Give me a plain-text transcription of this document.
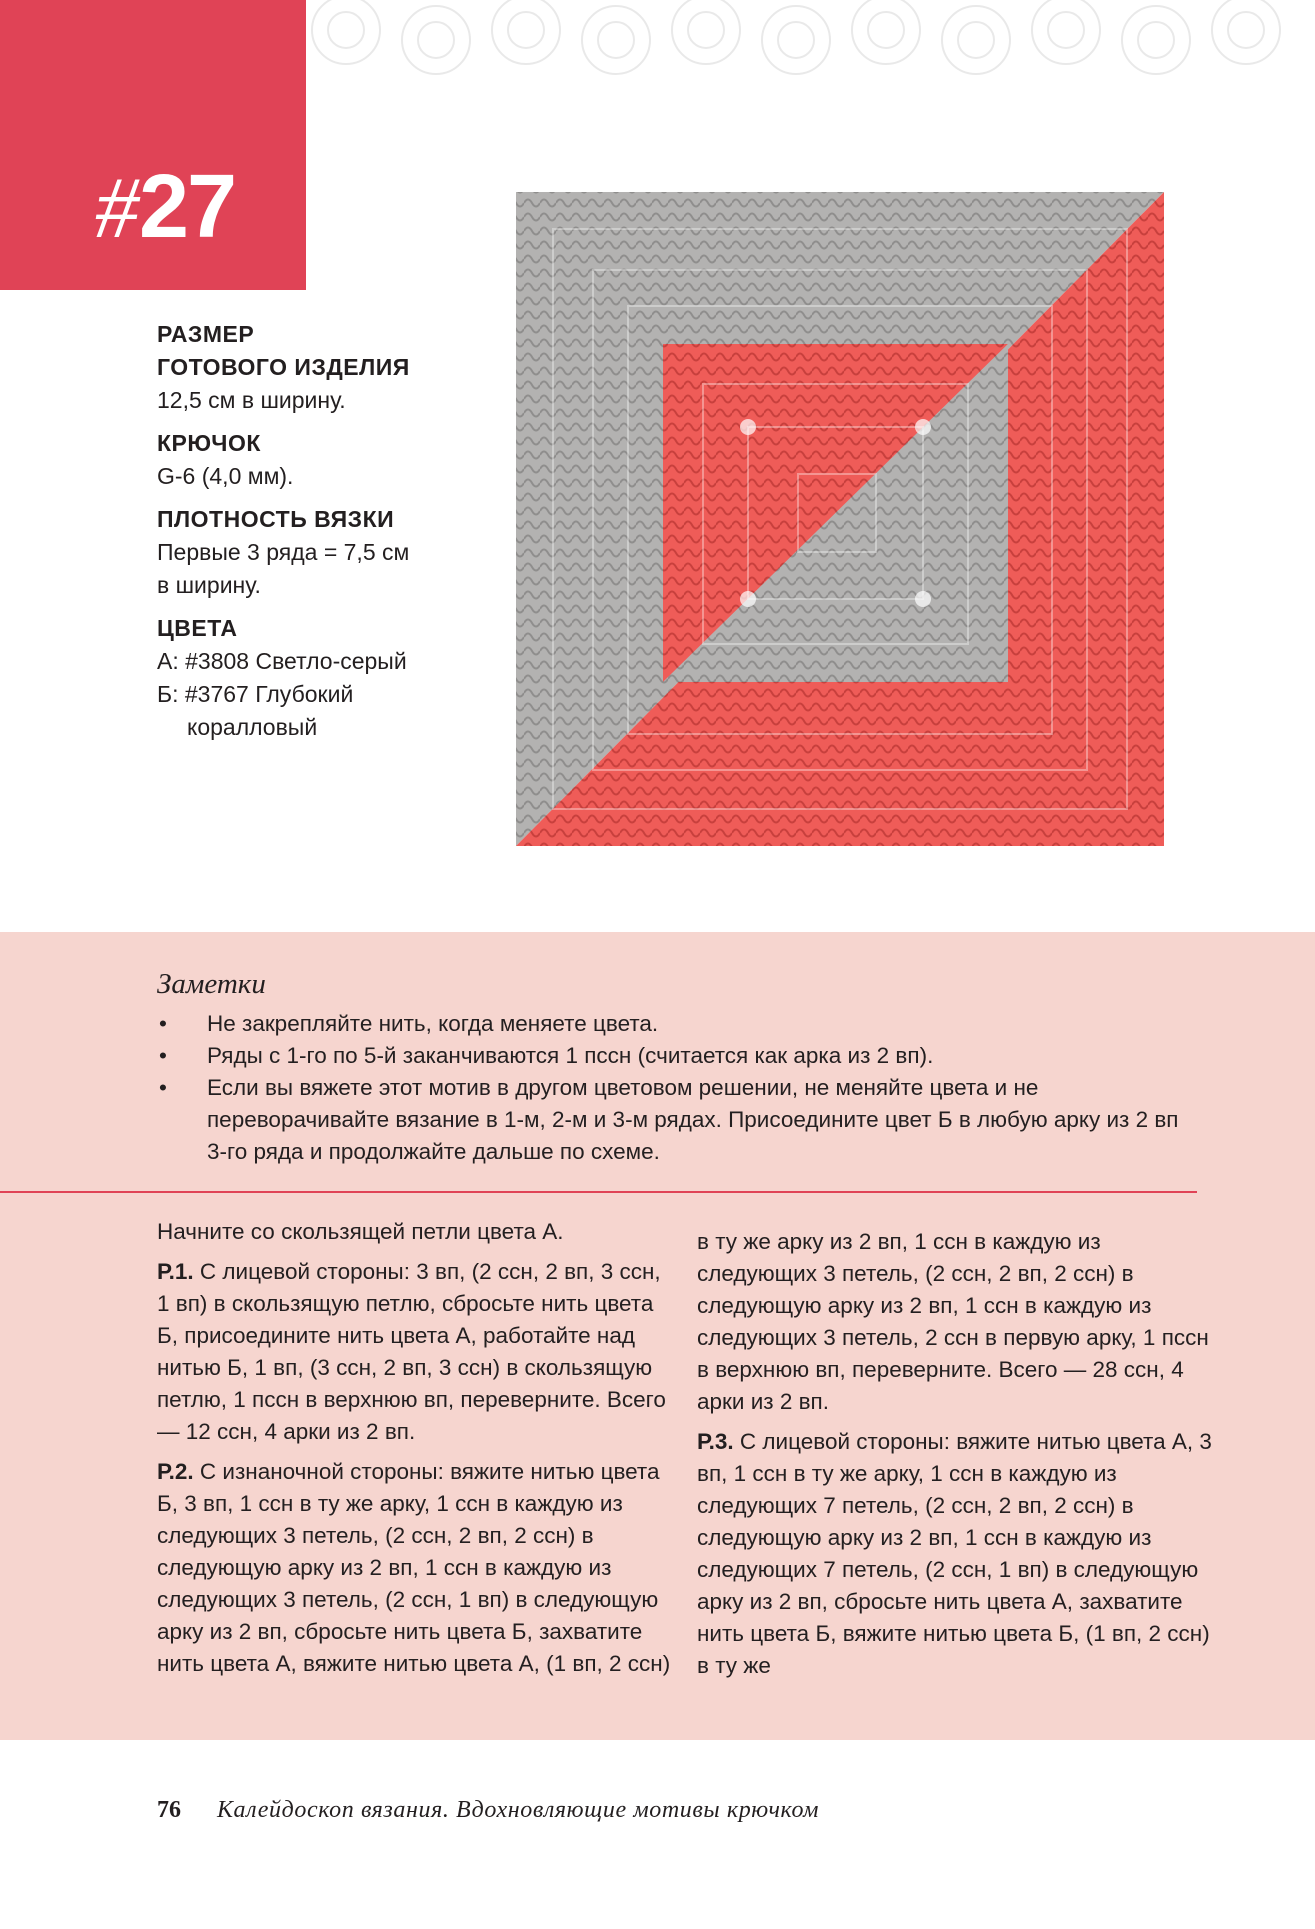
#27
РАЗМЕР
ГОТОВОГО ИЗДЕЛИЯ
12,5 см в ширину.
КРЮЧОК
G-6 (4,0 мм).
ПЛОТНОСТЬ ВЯЗКИ
Первые 3 ряда = 7,5 см
в ширину.
ЦВЕТА
А: #3808 Светло-серый
Б: #3767 Глубокий
коралловый
Заметки
• Не закрепляйте нить, когда меняете цвета.
• Ряды с 1-го по 5-й заканчиваются 1 пссн (считается как арка из 2 вп).
• Если вы вяжете этот мотив в другом цветовом решении, не меняйте цвета и не переворачивайте вязание в 1-м, 2-м и 3-м рядах. Присоедините цвет Б в любую арку из 2 вп 3-го ряда и продолжайте дальше по схеме.

Начните со скользящей петли цвета А.

Р.1. С лицевой стороны: 3 вп, (2 ссн, 2 вп, 3 ссн, 1 вп) в скользящую петлю, сбросьте нить цвета Б, присоедините нить цвета А, работайте над нитью Б, 1 вп, (3 ссн, 2 вп, 3 ссн) в скользящую петлю, 1 пссн в верхнюю вп, переверните. Всего — 12 ссн, 4 арки из 2 вп.

Р.2. С изнаночной стороны: вяжите нитью цвета Б, 3 вп, 1 ссн в ту же арку, 1 ссн в каждую из следующих 3 петель, (2 ссн, 2 вп, 2 ссн) в следующую арку из 2 вп, 1 ссн в каждую из следующих 3 петель, (2 ссн, 1 вп) в следующую арку из 2 вп, сбросьте нить цвета Б, захватите нить цвета А, вяжите нитью цвета А, (1 вп, 2 ссн)

в ту же арку из 2 вп, 1 ссн в каждую из следующих 3 петель, (2 ссн, 2 вп, 2 ссн) в следующую арку из 2 вп, 1 ссн в каждую из следующих 3 петель, 2 ссн в первую арку, 1 пссн в верхнюю вп, переверните. Всего — 28 ссн, 4 арки из 2 вп.

Р.3. С лицевой стороны: вяжите нитью цвета А, 3 вп, 1 ссн в ту же арку, 1 ссн в каждую из следующих 7 петель, (2 ссн, 2 вп, 2 ссн) в следующую арку из 2 вп, 1 ссн в каждую из следующих 7 петель, (2 ссн, 1 вп) в следующую арку из 2 вп, сбросьте нить цвета А, захватите нить цвета Б, вяжите нитью цвета Б, (1 вп, 2 ссн) в ту же

76 Калейдоскоп вязания. Вдохновляющие мотивы крючком
